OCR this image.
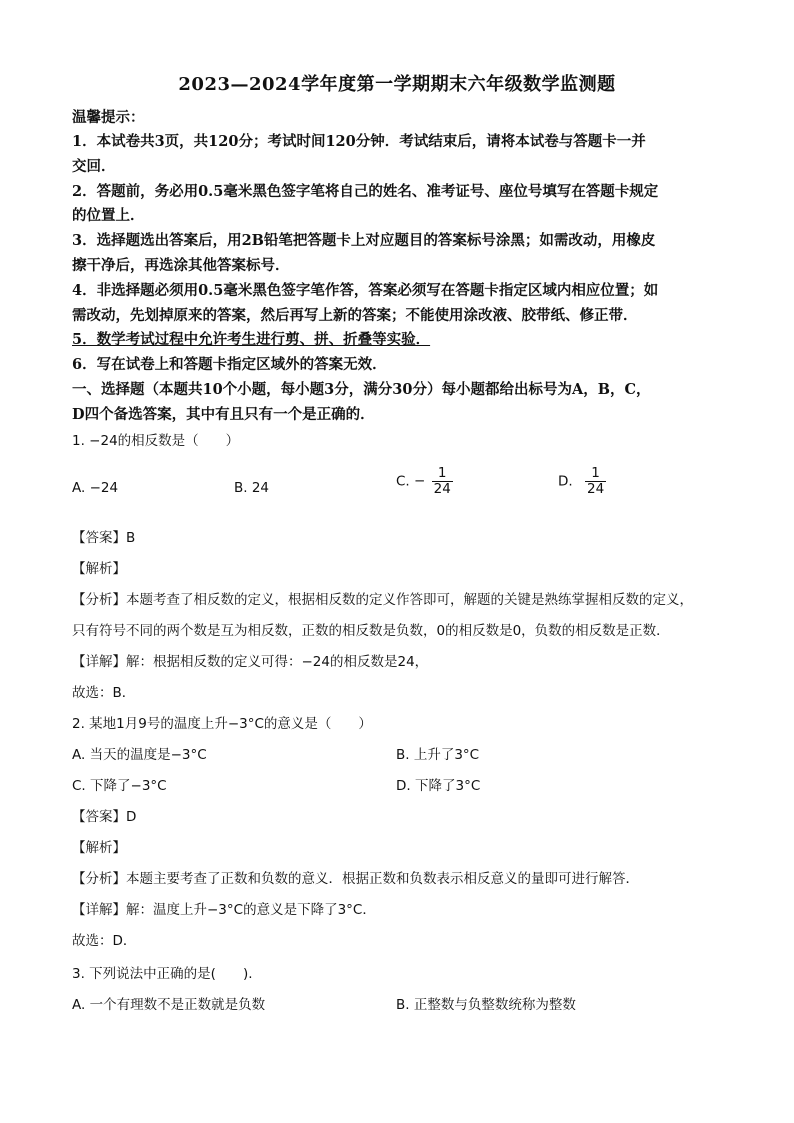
2023—2024学年度第一学期期末六年级数学监测题
温馨提示：
1．本试卷共3页，共120分；考试时间120分钟．考试结束后，请将本试卷与答题卡一并
交回．
2．答题前，务必用0.5毫米黑色签字笔将自己的姓名、准考证号、座位号填写在答题卡规定
的位置上．
3．选择题选出答案后，用2B铅笔把答题卡上对应题目的答案标号涂黑；如需改动，用橡皮
擦干净后，再选涂其他答案标号．
4．非选择题必须用0.5毫米黑色签字笔作答，答案必须写在答题卡指定区域内相应位置；如
需改动，先划掉原来的答案，然后再写上新的答案；不能使用涂改液、胶带纸、修正带．
5．数学考试过程中允许考生进行剪、拼、折叠等实验．
6．写在试卷上和答题卡指定区域外的答案无效．
一、选择题（本题共10个小题，每小题3分，满分30分）每小题都给出标号为A，B，C，
D四个备选答案，其中有且只有一个是正确的．
1. −24的相反数是（　　）
A. −24	B. 24	C. − $\frac{1}{24}$	D. $\frac{1}{24}$
【答案】B
【解析】
【分析】本题考查了相反数的定义，根据相反数的定义作答即可，解题的关键是熟练掌握相反数的定义，
只有符号不同的两个数是互为相反数，正数的相反数是负数，0的相反数是0，负数的相反数是正数．
【详解】解：根据相反数的定义可得：−24的相反数是24，
故选：B．
2. 某地1月9号的温度上升−3°C的意义是（　　）
A. 当天的温度是−3°C	B. 上升了3°C
C. 下降了−3°C	D. 下降了3°C
【答案】D
【解析】
【分析】本题主要考查了正数和负数的意义．根据正数和负数表示相反意义的量即可进行解答．
【详解】解：温度上升−3°C的意义是下降了3°C．
故选：D．
3. 下列说法中正确的是(　　).
A. 一个有理数不是正数就是负数	B. 正整数与负整数统称为整数
